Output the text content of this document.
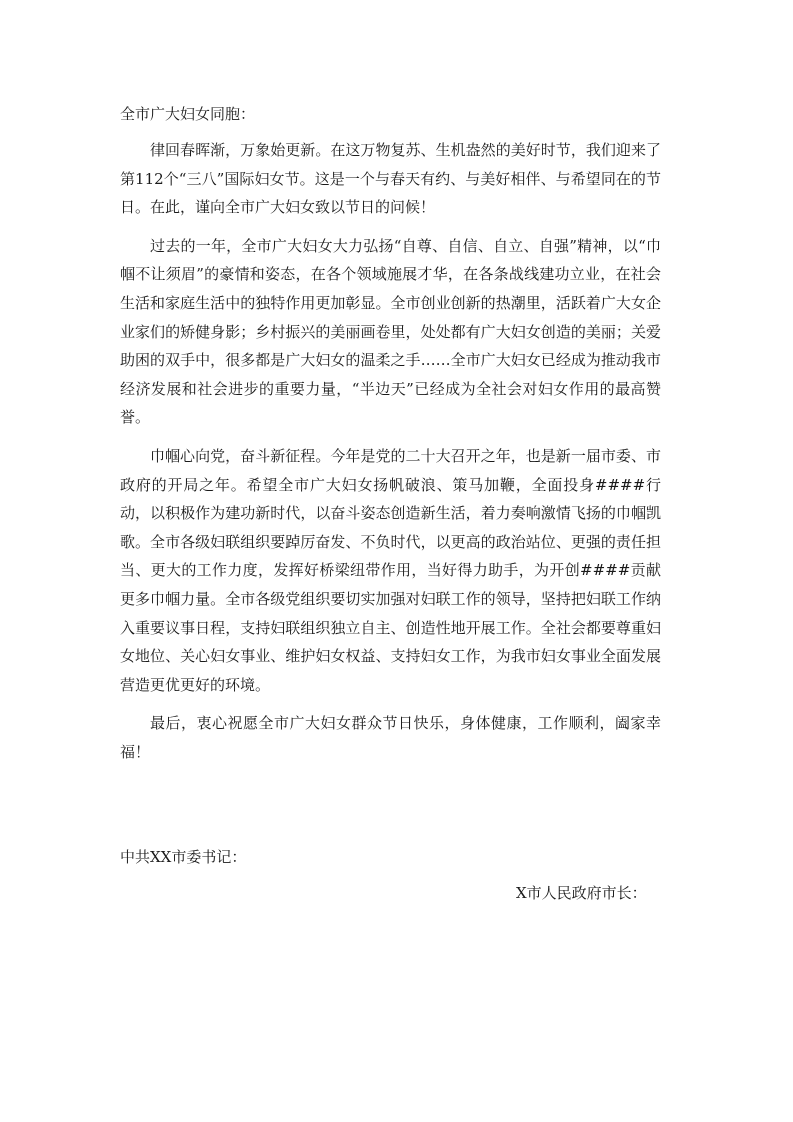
全市广大妇女同胞：

律回春晖渐，万象始更新。在这万物复苏、生机盎然的美好时节，我们迎来了第112个“三八”国际妇女节。这是一个与春天有约、与美好相伴、与希望同在的节日。在此，谨向全市广大妇女致以节日的问候！

过去的一年，全市广大妇女大力弘扬“自尊、自信、自立、自强”精神，以“巾帼不让须眉”的豪情和姿态，在各个领域施展才华，在各条战线建功立业，在社会生活和家庭生活中的独特作用更加彰显。全市创业创新的热潮里，活跃着广大女企业家们的矫健身影；乡村振兴的美丽画卷里，处处都有广大妇女创造的美丽；关爱助困的双手中，很多都是广大妇女的温柔之手……全市广大妇女已经成为推动我市经济发展和社会进步的重要力量，“半边天”已经成为全社会对妇女作用的最高赞誉。

巾帼心向党，奋斗新征程。今年是党的二十大召开之年，也是新一届市委、市政府的开局之年。希望全市广大妇女扬帆破浪、策马加鞭，全面投身####行动，以积极作为建功新时代，以奋斗姿态创造新生活，着力奏响激情飞扬的巾帼凯歌。全市各级妇联组织要踔厉奋发、不负时代，以更高的政治站位、更强的责任担当、更大的工作力度，发挥好桥梁纽带作用，当好得力助手，为开创####贡献更多巾帼力量。全市各级党组织要切实加强对妇联工作的领导，坚持把妇联工作纳入重要议事日程，支持妇联组织独立自主、创造性地开展工作。全社会都要尊重妇女地位、关心妇女事业、维护妇女权益、支持妇女工作，为我市妇女事业全面发展营造更优更好的环境。

最后，衷心祝愿全市广大妇女群众节日快乐，身体健康，工作顺利，阖家幸福！

中共XX市委书记：
X市人民政府市长：
